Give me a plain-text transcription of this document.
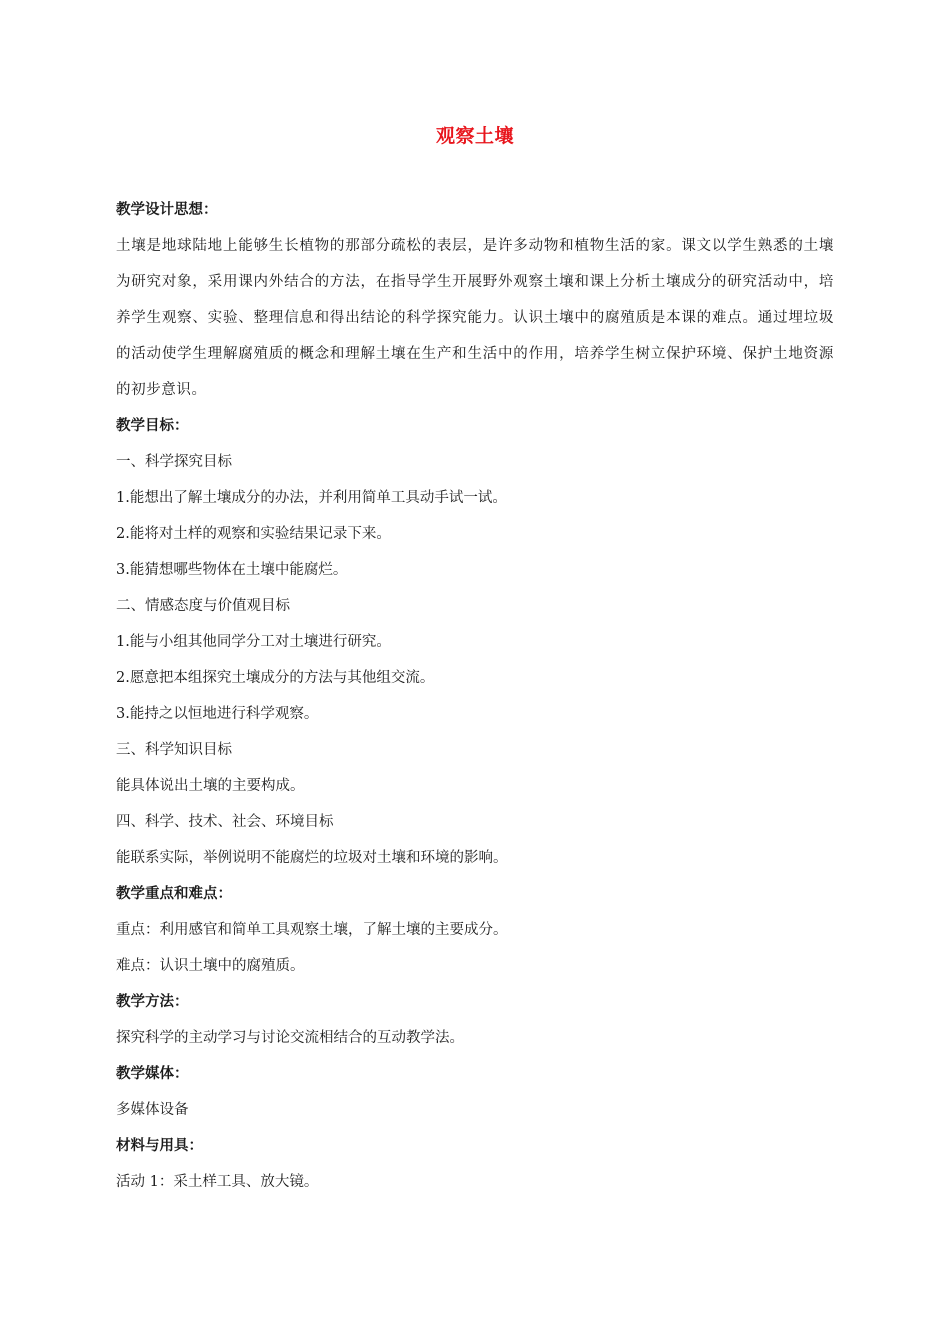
观察土壤

教学设计思想：

土壤是地球陆地上能够生长植物的那部分疏松的表层，是许多动物和植物生活的家。课文以学生熟悉的土壤为研究对象，采用课内外结合的方法，在指导学生开展野外观察土壤和课上分析土壤成分的研究活动中，培养学生观察、实验、整理信息和得出结论的科学探究能力。认识土壤中的腐殖质是本课的难点。通过埋垃圾的活动使学生理解腐殖质的概念和理解土壤在生产和生活中的作用，培养学生树立保护环境、保护土地资源的初步意识。

教学目标：

一、科学探究目标

1.能想出了解土壤成分的办法，并利用简单工具动手试一试。

2.能将对土样的观察和实验结果记录下来。

3.能猜想哪些物体在土壤中能腐烂。

二、情感态度与价值观目标

1.能与小组其他同学分工对土壤进行研究。

2.愿意把本组探究土壤成分的方法与其他组交流。

3.能持之以恒地进行科学观察。

三、科学知识目标

能具体说出土壤的主要构成。

四、科学、技术、社会、环境目标

能联系实际，举例说明不能腐烂的垃圾对土壤和环境的影响。

教学重点和难点：

重点：利用感官和简单工具观察土壤，了解土壤的主要成分。

难点：认识土壤中的腐殖质。

教学方法：

探究科学的主动学习与讨论交流相结合的互动教学法。

教学媒体：

多媒体设备

材料与用具：

活动 1：采土样工具、放大镜。
